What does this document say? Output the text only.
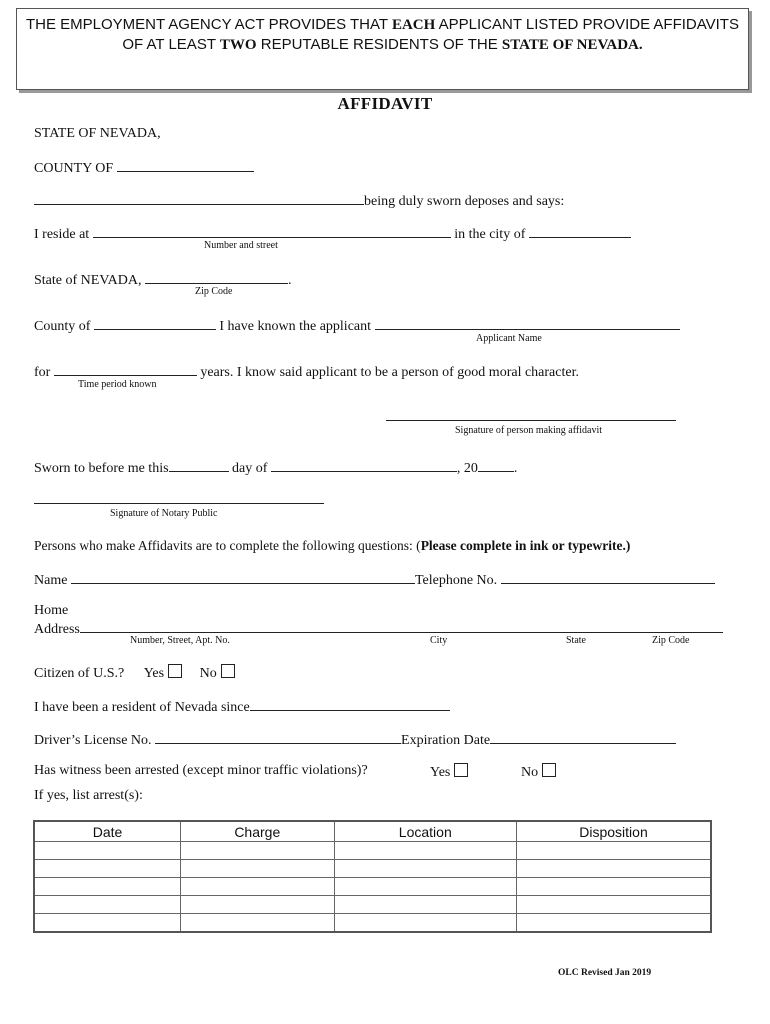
THE EMPLOYMENT AGENCY ACT PROVIDES THAT EACH APPLICANT LISTED PROVIDE AFFIDAVITS
OF AT LEAST TWO REPUTABLE RESIDENTS OF THE STATE OF NEVADA.
AFFIDAVIT
STATE OF NEVADA,
COUNTY OF
being duly sworn deposes and says:
I reside at	in the city of
Number and street
State of NEVADA,	.
Zip Code
County of	I have known the applicant
Applicant Name
for	years. I know said applicant to be a person of good moral character.
Time period known
Signature of person making affidavit
Sworn to before me this	day of	, 20	.
Signature of Notary Public
Persons who make Affidavits are to complete the following questions: (Please complete in ink or typewrite.)
Name	Telephone No.
Home
Address
Number, Street, Apt. No.	City	State	Zip Code
Citizen of U.S.? Yes	No
I have been a resident of Nevada since
Driver’s License No.	Expiration Date
Has witness been arrested (except minor traffic violations)?	Yes	No
If yes, list arrest(s):
Date	Charge	Location	Disposition

OLC Revised Jan 2019
